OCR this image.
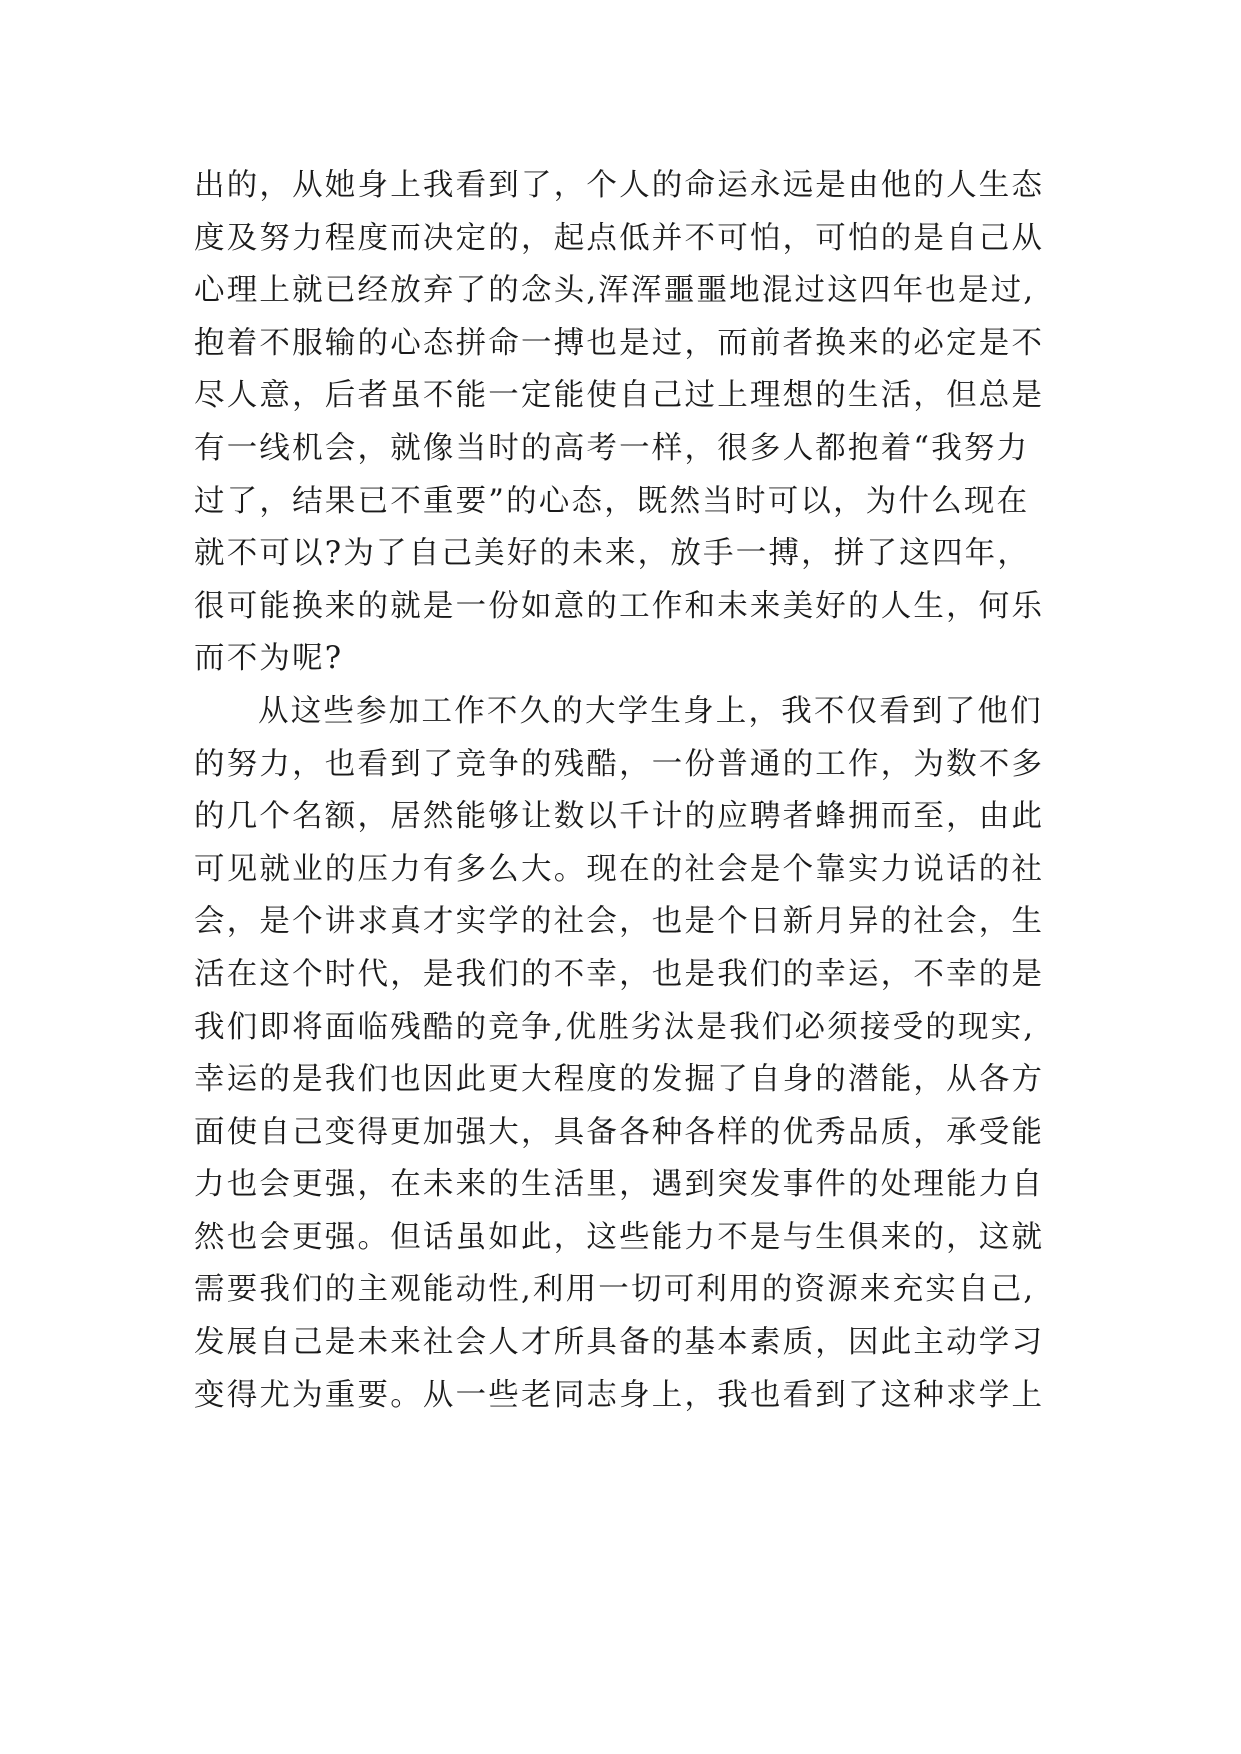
出的，从她身上我看到了，个人的命运永远是由他的人生态
度及努力程度而决定的，起点低并不可怕，可怕的是自己从
心理上就已经放弃了的念头,浑浑噩噩地混过这四年也是过,
抱着不服输的心态拼命一搏也是过，而前者换来的必定是不
尽人意，后者虽不能一定能使自己过上理想的生活，但总是
有一线机会，就像当时的高考一样，很多人都抱着“我努力
过了，结果已不重要”的心态，既然当时可以，为什么现在
就不可以?为了自己美好的未来，放手一搏，拼了这四年，
很可能换来的就是一份如意的工作和未来美好的人生，何乐
而不为呢?
从这些参加工作不久的大学生身上，我不仅看到了他们
的努力，也看到了竞争的残酷，一份普通的工作，为数不多
的几个名额，居然能够让数以千计的应聘者蜂拥而至，由此
可见就业的压力有多么大。现在的社会是个靠实力说话的社
会，是个讲求真才实学的社会，也是个日新月异的社会，生
活在这个时代，是我们的不幸，也是我们的幸运，不幸的是
我们即将面临残酷的竞争,优胜劣汰是我们必须接受的现实,
幸运的是我们也因此更大程度的发掘了自身的潜能，从各方
面使自己变得更加强大，具备各种各样的优秀品质，承受能
力也会更强，在未来的生活里，遇到突发事件的处理能力自
然也会更强。但话虽如此，这些能力不是与生俱来的，这就
需要我们的主观能动性,利用一切可利用的资源来充实自己,
发展自己是未来社会人才所具备的基本素质，因此主动学习
变得尤为重要。从一些老同志身上，我也看到了这种求学上
